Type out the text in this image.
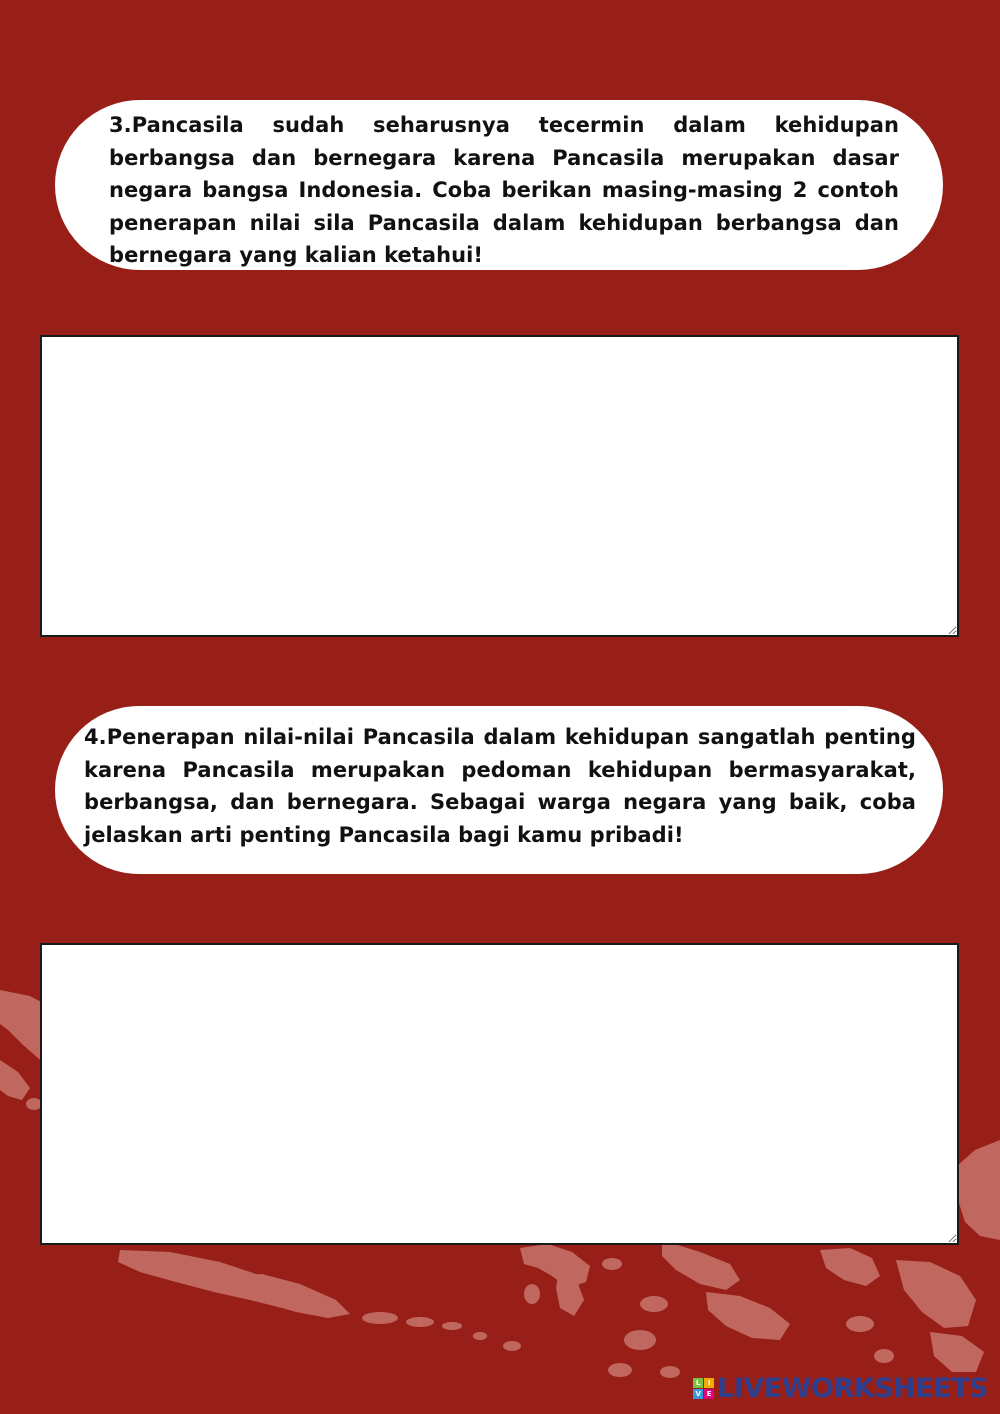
3.Pancasila sudah seharusnya tecermin dalam kehidupan berbangsa dan bernegara karena Pancasila merupakan dasar negara bangsa Indonesia. Coba berikan masing-masing 2 contoh penerapan nilai sila Pancasila dalam kehidupan berbangsa dan bernegara yang kalian ketahui!

4.Penerapan nilai-nilai Pancasila dalam kehidupan sangatlah penting karena Pancasila merupakan pedoman kehidupan bermasyarakat, berbangsa, dan bernegara. Sebagai warga negara yang baik, coba jelaskan arti penting Pancasila bagi kamu pribadi!

L	I
V E LIVEWORKSHEETS
